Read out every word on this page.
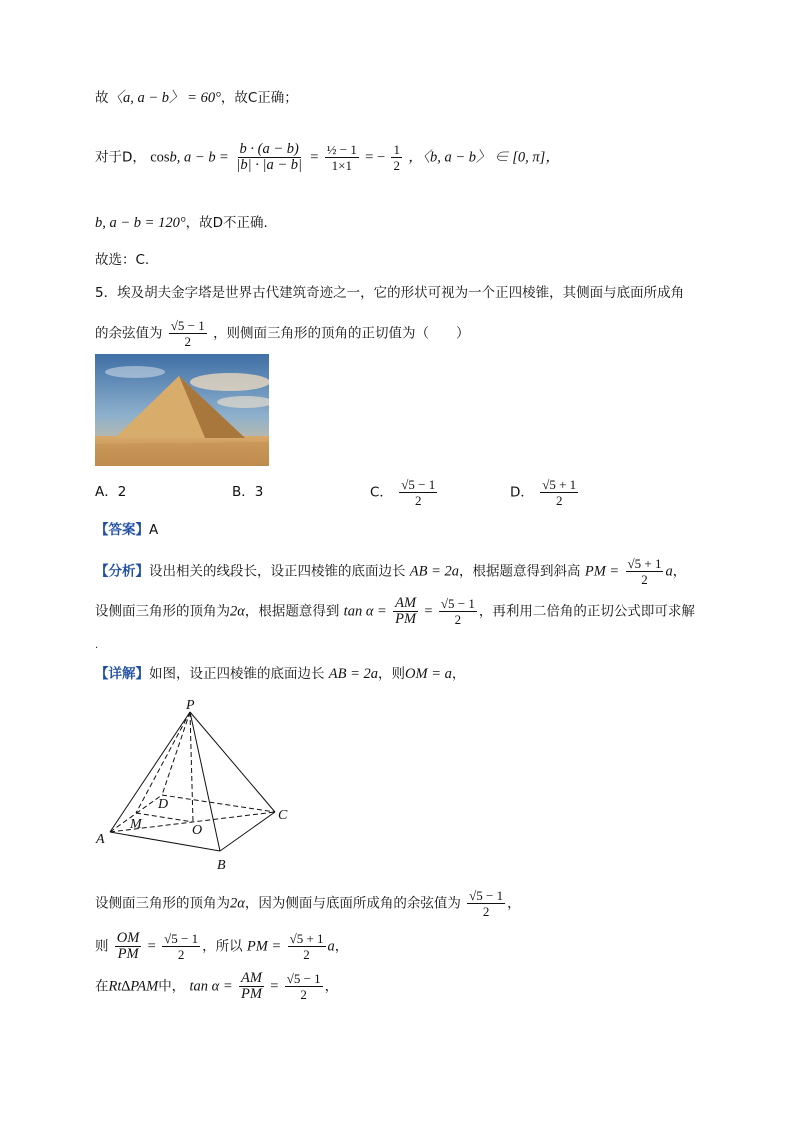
故〈a, a − b〉 = 60°，故C正确；
对于D， cosb, $a - b = \frac{b \cdot (a - b)}{|b| \cdot |a - b|} = \frac{\text{½ − 1}}{1\times 1}$ = − $\frac{1}{2}$ ，〈b, a − b〉 ∈ [0, π]，
b, a − b = 120°，故D不正确.
故选：C.
5．埃及胡夫金字塔是世界古代建筑奇迹之一，它的形状可视为一个正四棱锥，其侧面与底面所成角
的余弦值为 $\frac{√5 - 1}{2}$ ，则侧面三角形的顶角的正切值为（　　）
A．2	B．3	C． $\frac{√5 - 1}{2}$	D． $\frac{√5 + 1}{2}$
【答案】A
【分析】设出相关的线段长，设正四棱锥的底面边长 AB = 2a，根据题意得到斜高 PM = $\frac{√5 + 1}{2}$ a，
设侧面三角形的顶角为2α，根据题意得到 $\tan \alpha = \frac{AM}{PM} = \frac{√5 - 1}{2}$ ，再利用二倍角的正切公式即可求解
.
【详解】如图，设正四棱锥的底面边长 AB = 2a，则OM = a，
P
A
B
C
D
M	O
设侧面三角形的顶角为2α，因为侧面与底面所成角的余弦值为 $\frac{√5 - 1}{2}$ ，
则 $\frac{OM}{PM} = \frac{√5 - 1}{2}$ ，所以 PM = $\frac{√5 + 1}{2}$ a，
在Rt∆PAM中， $\tan \alpha = \frac{AM}{PM} = \frac{√5 - 1}{2}$ ，
